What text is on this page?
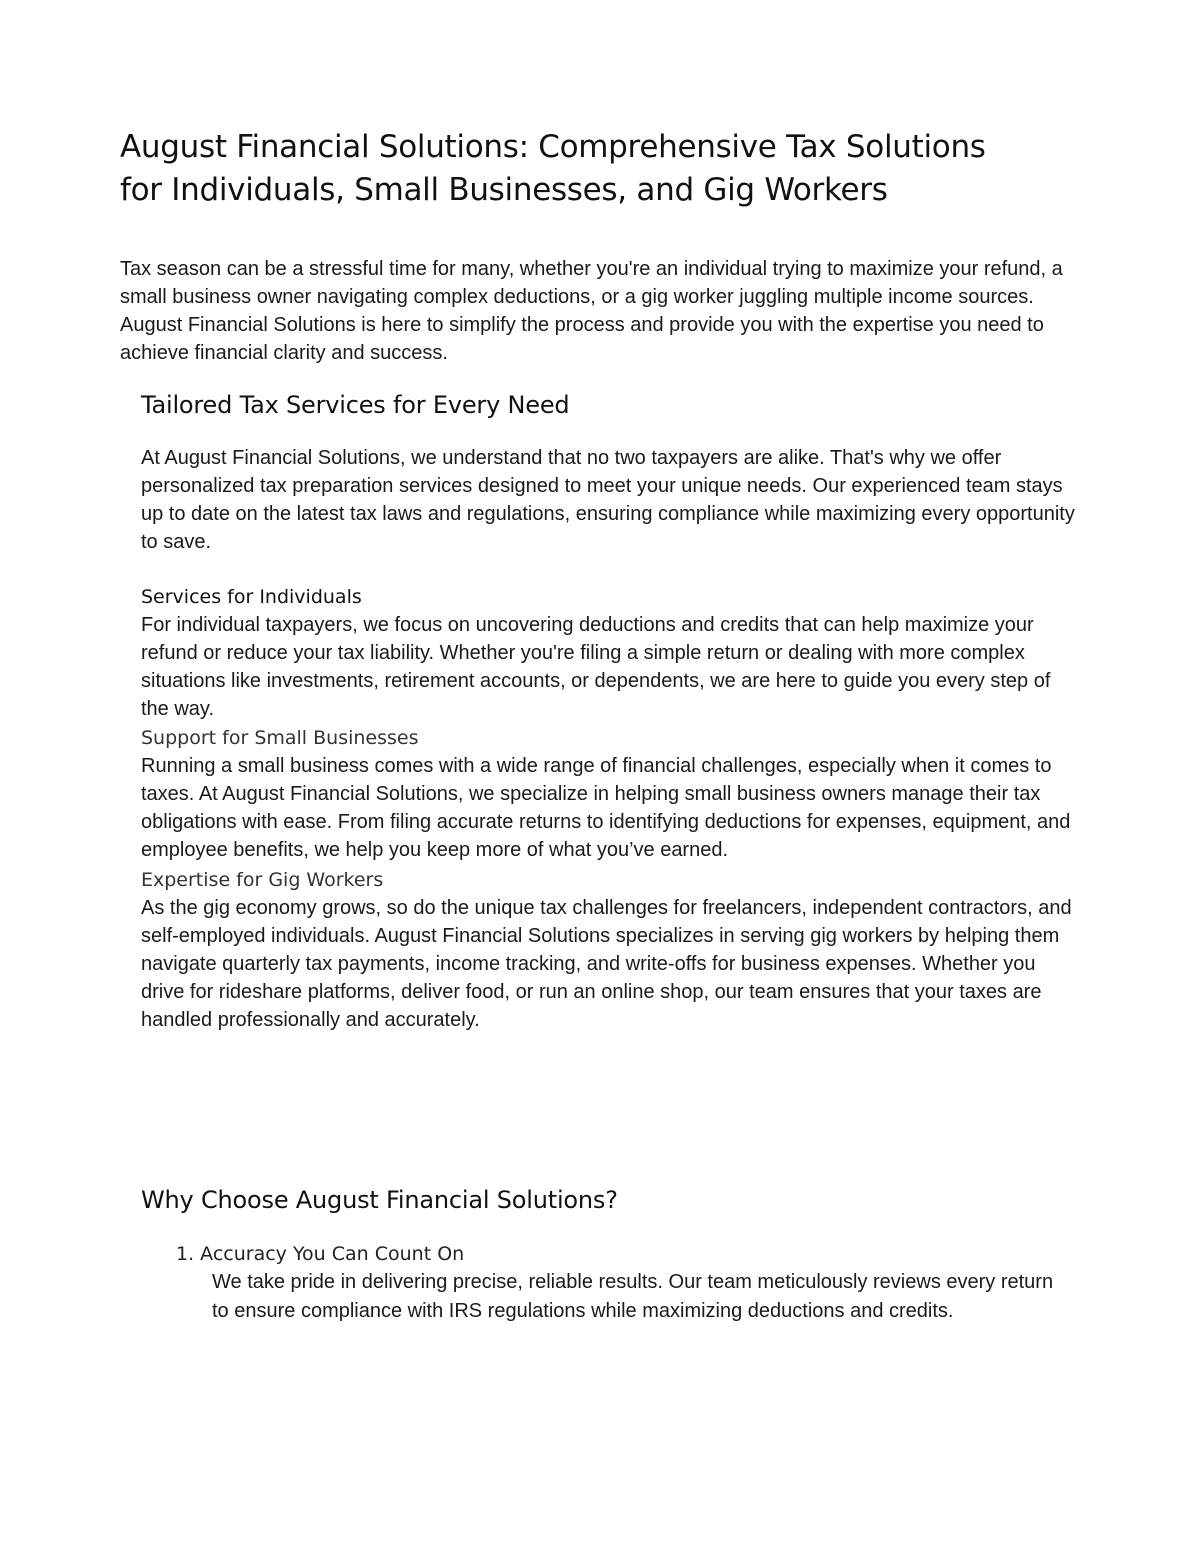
August Financial Solutions: Comprehensive Tax Solutions for Individuals, Small Businesses, and Gig Workers

Tax season can be a stressful time for many, whether you're an individual trying to maximize your refund, a small business owner navigating complex deductions, or a gig worker juggling multiple income sources. August Financial Solutions is here to simplify the process and provide you with the expertise you need to achieve financial clarity and success.

Tailored Tax Services for Every Need

At August Financial Solutions, we understand that no two taxpayers are alike. That's why we offer personalized tax preparation services designed to meet your unique needs. Our experienced team stays up to date on the latest tax laws and regulations, ensuring compliance while maximizing every opportunity to save.

Services for Individuals

For individual taxpayers, we focus on uncovering deductions and credits that can help maximize your refund or reduce your tax liability. Whether you're filing a simple return or dealing with more complex situations like investments, retirement accounts, or dependents, we are here to guide you every step of the way.

Support for Small Businesses

Running a small business comes with a wide range of financial challenges, especially when it comes to taxes. At August Financial Solutions, we specialize in helping small business owners manage their tax obligations with ease. From filing accurate returns to identifying deductions for expenses, equipment, and employee benefits, we help you keep more of what you’ve earned.

Expertise for Gig Workers

As the gig economy grows, so do the unique tax challenges for freelancers, independent contractors, and self-employed individuals. August Financial Solutions specializes in serving gig workers by helping them navigate quarterly tax payments, income tracking, and write-offs for business expenses. Whether you drive for rideshare platforms, deliver food, or run an online shop, our team ensures that your taxes are handled professionally and accurately.

Why Choose August Financial Solutions?
1. Accuracy You Can Count On

We take pride in delivering precise, reliable results. Our team meticulously reviews every return to ensure compliance with IRS regulations while maximizing deductions and credits.
